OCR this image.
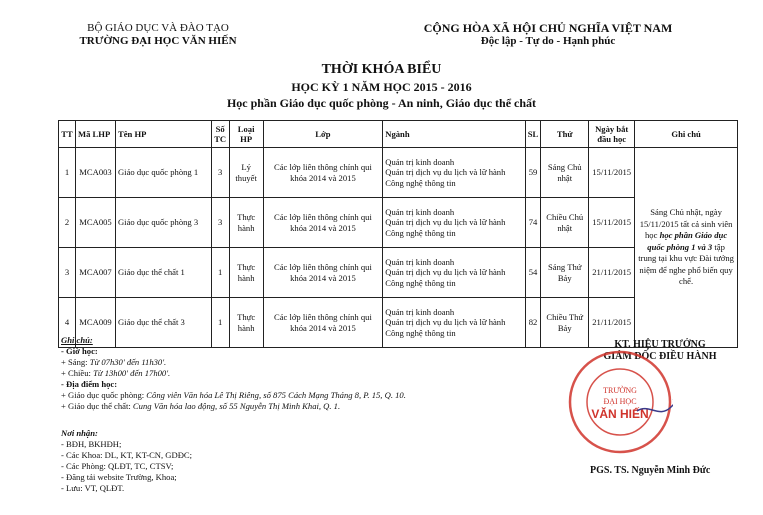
BỘ GIÁO DỤC VÀ ĐÀO TẠO
TRƯỜNG ĐẠI HỌC VĂN HIẾN
CỘNG HÒA XÃ HỘI CHỦ NGHĨA VIỆT NAM
Độc lập - Tự do - Hạnh phúc
THỜI KHÓA BIỂU
HỌC KỲ 1 NĂM HỌC 2015 - 2016
Học phần Giáo dục quốc phòng - An ninh, Giáo dục thể chất
TT	Mã LHP	Tên HP	Số TC	Loại HP	Lớp	Ngành	SL	Thứ	Ngày bắt đầu học	Ghi chú
1	MCA003	Giáo dục quốc phòng 1	3	Lý thuyết	Các lớp liên thông chính qui khóa 2014 và 2015	Quản trị kinh doanh
Quản trị dịch vụ du lịch và lữ hành
Công nghệ thông tin	59	Sáng Chủ nhật	15/11/2015	Sáng Chủ nhật, ngày 15/11/2015 tất cả sinh viên học học phần Giáo dục quốc phòng 1 và 3 tập trung tại khu vực Đài tưởng niệm để nghe phổ biến quy chế.
2	MCA005	Giáo dục quốc phòng 3	3	Thực hành	Các lớp liên thông chính qui khóa 2014 và 2015	Quản trị kinh doanh
Quản trị dịch vụ du lịch và lữ hành
Công nghệ thông tin	74	Chiều Chủ nhật	15/11/2015	
3	MCA007	Giáo dục thể chất 1	1	Thực hành	Các lớp liên thông chính qui khóa 2014 và 2015	Quản trị kinh doanh
Quản trị dịch vụ du lịch và lữ hành
Công nghệ thông tin	54	Sáng Thứ Bảy	21/11/2015	
4	MCA009	Giáo dục thể chất 3	1	Thực hành	Các lớp liên thông chính qui khóa 2014 và 2015	Quản trị kinh doanh
Quản trị dịch vụ du lịch và lữ hành
Công nghệ thông tin	82	Chiều Thứ Bảy	21/11/2015	
Ghi chú:
- Giờ học:
+ Sáng: Từ 07h30' đến 11h30'.
+ Chiều: Từ 13h00' đến 17h00'.
- Địa điểm học:
+ Giáo dục quốc phòng: Công viên Văn hóa Lê Thị Riêng, số 875 Cách Mạng Tháng 8, P. 15, Q. 10.
+ Giáo dục thể chất: Cung Văn hóa lao động, số 55 Nguyễn Thị Minh Khai, Q. 1.
Nơi nhận:
- BĐH, BKHĐH;
- Các Khoa: DL, KT, KT-CN, GDĐC;
- Các Phòng: QLĐT, TC, CTSV;
- Đăng tải website Trường, Khoa;
- Lưu: VT, QLĐT.
KT. HIỆU TRƯỞNG
GIÁM ĐỐC ĐIỀU HÀNH
TRƯỜNG
ĐẠI HỌC
VĂN HIẾN
PGS. TS. Nguyễn Minh Đức
